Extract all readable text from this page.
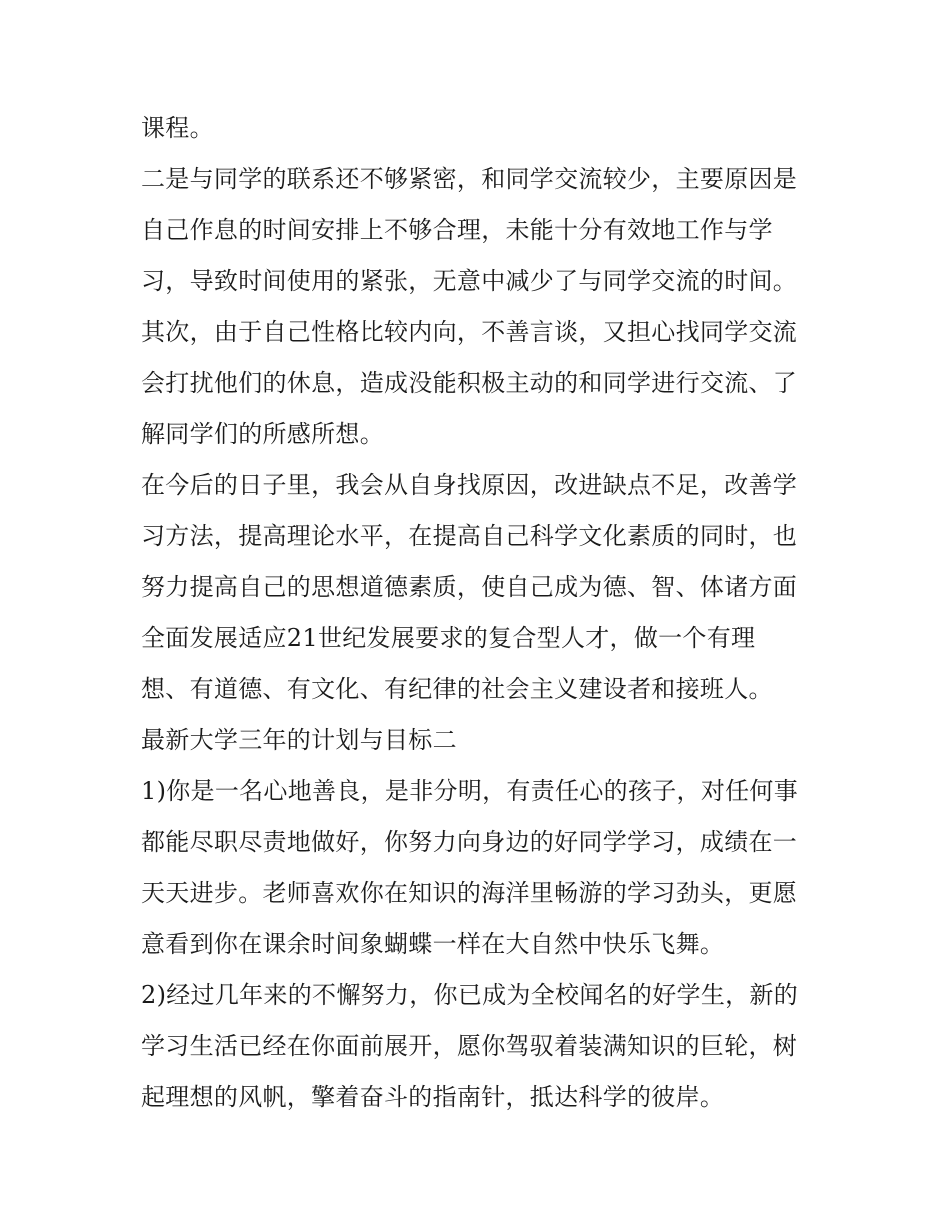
课程。
二是与同学的联系还不够紧密，和同学交流较少，主要原因是
自己作息的时间安排上不够合理，未能十分有效地工作与学
习，导致时间使用的紧张，无意中减少了与同学交流的时间。
其次，由于自己性格比较内向，不善言谈，又担心找同学交流
会打扰他们的休息，造成没能积极主动的和同学进行交流、了
解同学们的所感所想。
在今后的日子里，我会从自身找原因，改进缺点不足，改善学
习方法，提高理论水平，在提高自己科学文化素质的同时，也
努力提高自己的思想道德素质，使自己成为德、智、体诸方面
全面发展适应21世纪发展要求的复合型人才，做一个有理
想、有道德、有文化、有纪律的社会主义建设者和接班人。
最新大学三年的计划与目标二
1)你是一名心地善良，是非分明，有责任心的孩子，对任何事
都能尽职尽责地做好，你努力向身边的好同学学习，成绩在一
天天进步。老师喜欢你在知识的海洋里畅游的学习劲头，更愿
意看到你在课余时间象蝴蝶一样在大自然中快乐飞舞。
2)经过几年来的不懈努力，你已成为全校闻名的好学生，新的
学习生活已经在你面前展开，愿你驾驭着装满知识的巨轮，树
起理想的风帆，擎着奋斗的指南针，抵达科学的彼岸。
